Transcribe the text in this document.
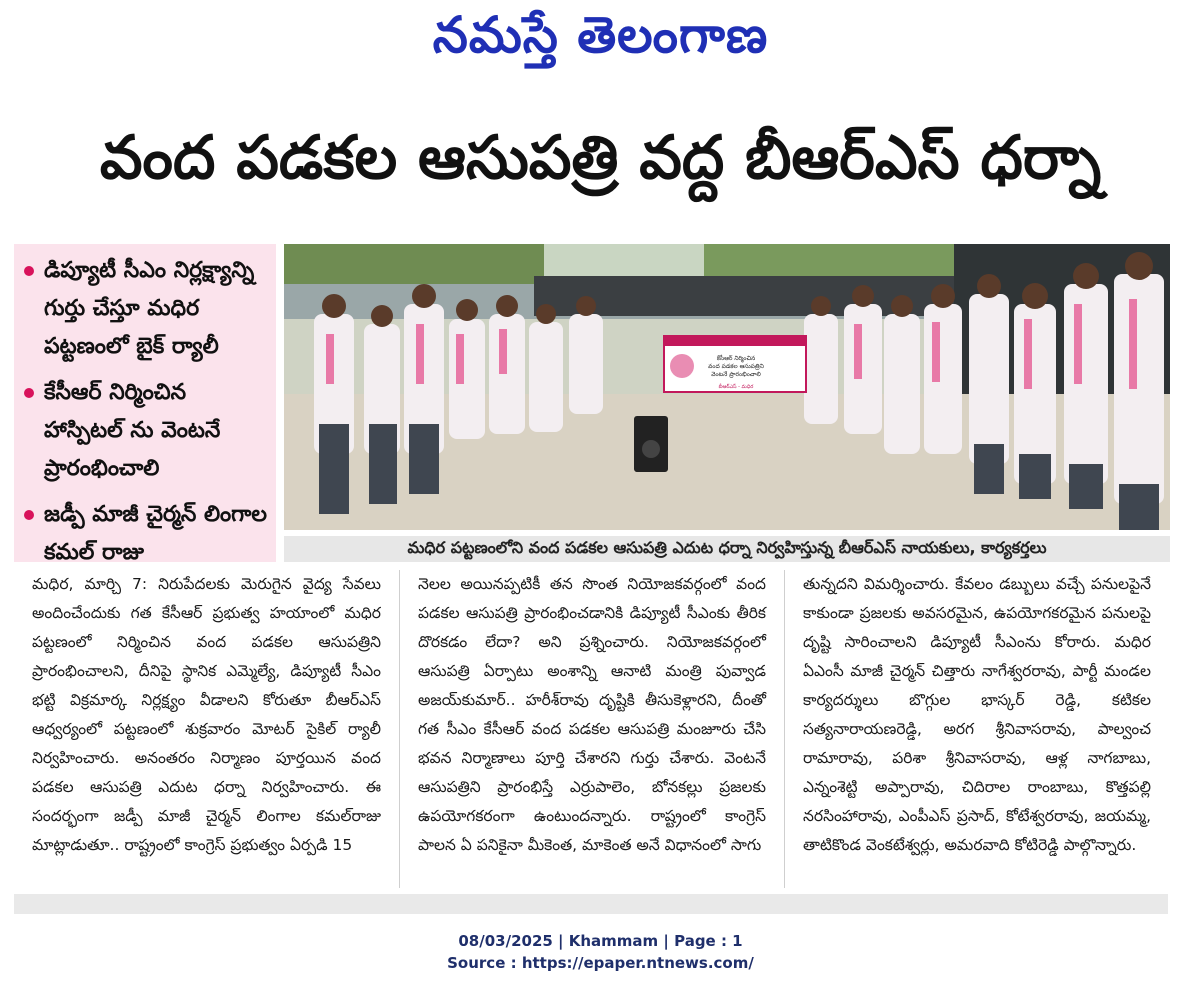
నమస్తే తెలంగాణ
వంద పడకల ఆసుపత్రి వద్ద బీఆర్ఎస్ ధర్నా
డిప్యూటీ సీఎం నిర్లక్ష్యాన్ని గుర్తు చేస్తూ మధిర పట్టణంలో బైక్ ర్యాలీ
కేసీఆర్ నిర్మించిన హాస్పిటల్ ను వెంటనే ప్రారంభించాలి
జడ్పీ మాజీ చైర్మన్ లింగాల కమల్ రాజు
కేసీఆర్ నిర్మించిన
వంద పడకల ఆసుపత్రిని
వెంటనే ప్రారంభించాలి
బీఆర్ఎస్ - మధిర
మధిర పట్టణంలోని వంద పడకల ఆసుపత్రి ఎదుట ధర్నా నిర్వహిస్తున్న బీఆర్ఎస్ నాయకులు, కార్యకర్తలు

మధిర, మార్చి 7: నిరుపేదలకు మెరుగైన వైద్య సేవలు అందించేందుకు గత కేసీఆర్ ప్రభుత్వ హయాంలో మధిర పట్టణంలో నిర్మించిన వంద పడకల ఆసుపత్రిని ప్రారంభించాలని, దీనిపై స్థానిక ఎమ్మెల్యే, డిప్యూటీ సీఎం భట్టి విక్రమార్క నిర్లక్ష్యం వీడాలని కోరుతూ బీఆర్ఎస్ ఆధ్వర్యంలో పట్టణంలో శుక్రవారం మోటర్ సైకిల్ ర్యాలీ నిర్వహించారు. అనంతరం నిర్మాణం పూర్తయిన వంద పడకల ఆసుపత్రి ఎదుట ధర్నా నిర్వహించారు. ఈ సందర్భంగా జడ్పీ మాజీ చైర్మన్ లింగాల కమల్‌రాజు మాట్లాడుతూ.. రాష్ట్రంలో కాంగ్రెస్ ప్రభుత్వం ఏర్పడి 15

నెలల అయినప్పటికీ తన సొంత నియోజకవర్గంలో వంద పడకల ఆసుపత్రి ప్రారంభించడానికి డిప్యూటీ సీఎంకు తీరిక దొరకడం లేదా? అని ప్రశ్నించారు. నియోజకవర్గంలో ఆసుపత్రి ఏర్పాటు అంశాన్ని ఆనాటి మంత్రి పువ్వాడ అజయ్‌కుమార్.. హరీశ్‌రావు దృష్టికి తీసుకెళ్లారని, దీంతో గత సీఎం కేసీఆర్ వంద పడకల ఆసుపత్రి మంజూరు చేసి భవన నిర్మాణాలు పూర్తి చేశారని గుర్తు చేశారు. వెంటనే ఆసుపత్రిని ప్రారంభిస్తే ఎర్రుపాలెం, బోనకల్లు ప్రజలకు ఉపయోగకరంగా ఉంటుందన్నారు. రాష్ట్రంలో కాంగ్రెస్ పాలన ఏ పనికైనా మీకెంత, మాకెంత అనే విధానంలో సాగు

తున్నదని విమర్శించారు. కేవలం డబ్బులు వచ్చే పనులపైనే కాకుండా ప్రజలకు అవసరమైన, ఉపయోగకరమైన పనులపై దృష్టి సారించాలని డిప్యూటీ సీఎంను కోరారు. మధిర ఏఎంసీ మాజీ చైర్మన్ చిత్తారు నాగేశ్వరరావు, పార్టీ మండల కార్యదర్శులు బొగ్గుల భాస్కర్ రెడ్డి, కటికల సత్యనారాయణరెడ్డి, అరగ శ్రీనివాసరావు, పాల్వంచ రామారావు, పరిశా శ్రీనివాసరావు, ఆళ్ల నాగబాబు, ఎన్నంశెట్టి అప్పారావు, చిదిరాల రాంబాబు, కొత్తపల్లి నరసింహారావు, ఎంపీఎస్ ప్రసాద్, కోటేశ్వరరావు, జయమ్మ, తాటికొండ వెంకటేశ్వర్లు, అమరవాది కోటిరెడ్డి పాల్గొన్నారు.

08/03/2025 | Khammam | Page : 1
Source : https://epaper.ntnews.com/
